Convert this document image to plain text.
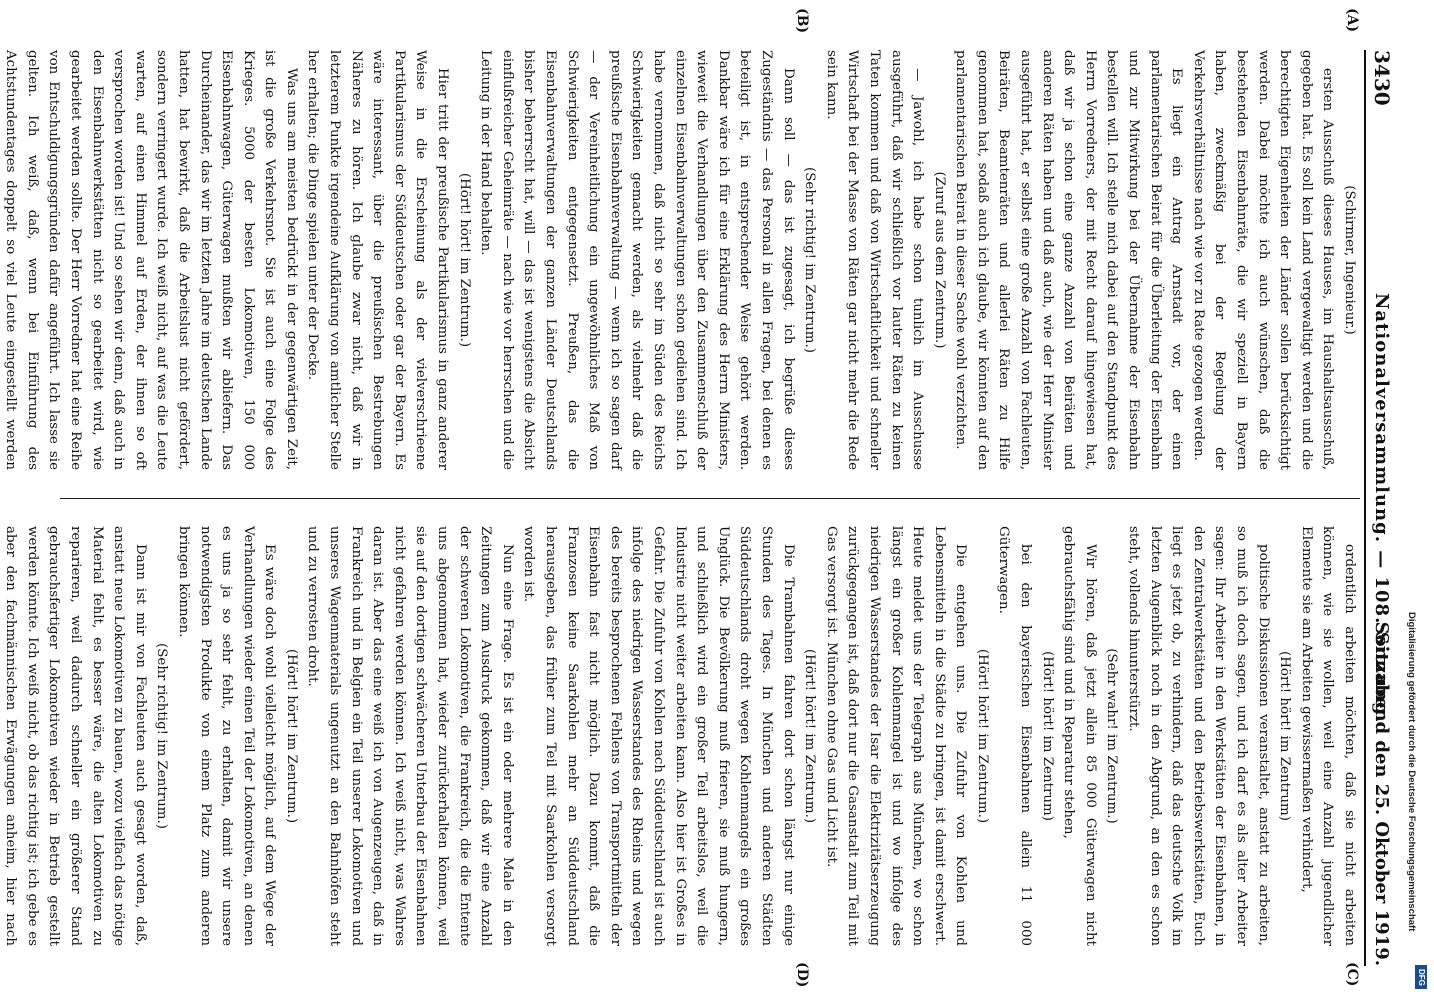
3430
Nationalversammlung. — 108. Sitzung.
Sonnabend den 25. Oktober 1919.
(A)
(B)
(C)
(D)

(Schirmer, Ingenieur.)

ersten Ausschuß dieses Hauses, im Haushaltsausschuß, gegeben hat. Es soll kein Land vergewaltigt werden und die berechtigten Eigenheiten der Länder sollen berücksichtigt werden. Dabei möchte ich auch wünschen, daß die bestehenden Eisenbahnräte, die wir speziell in Bayern haben, zweckmäßig bei der Regelung der Verkehrsverhältnisse nach wie vor zu Rate gezogen werden.

Es liegt ein Antrag Arnstadt vor, der einen parlamentarischen Beirat für die Überleitung der Eisenbahn und zur Mitwirkung bei der Übernahme der Eisenbahn bestellen will. Ich stelle mich dabei auf den Standpunkt des Herrn Vorredners, der mit Recht darauf hingewiesen hat, daß wir ja schon eine ganze Anzahl von Beiräten und anderen Räten haben und daß auch, wie der Herr Minister ausgeführt hat, er selbst eine große Anzahl von Fachleuten, Beiräten, Beamtenräten und allerlei Räten zu Hilfe genommen hat, sodaß auch ich glaube, wir könnten auf den parlamentarischen Beirat in dieser Sache wohl verzichten.

(Zuruf aus dem Zentrum.)

— Jawohl, ich habe schon tunlich im Ausschusse ausgeführt, daß wir schließlich vor lauter Räten zu keinen Taten kommen und daß von Wirtschaftlichkeit und schneller Wirtschaft bei der Masse von Räten gar nicht mehr die Rede sein kann.

(Sehr richtig! im Zentrum.)

Dann soll — das ist zugesagt, ich begrüße dieses Zugeständnis — das Personal in allen Fragen, bei denen es beteiligt ist, in entsprechender Weise gehört werden. Dankbar wäre ich für eine Erklärung des Herrn Ministers, wieweit die Verhandlungen über den Zusammenschluß der einzelnen Eisenbahnverwaltungen schon gediehen sind. Ich habe vernommen, daß nicht so sehr im Süden des Reichs Schwierigkeiten gemacht werden, als vielmehr daß die preußische Eisenbahnverwaltung — wenn ich so sagen darf — der Vereinheitlichung ein ungewöhnliches Maß von Schwierigkeiten entgegensetzt. Preußen, das die Eisenbahnverwaltungen der ganzen Länder Deutschlands bisher beherrscht hat, will — das ist wenigstens die Absicht einflußreicher Geheimräte — nach wie vor herrschen und die Leitung in der Hand behalten.

(Hört! hört! im Zentrum.)

Hier tritt der preußische Partikularismus in ganz anderer Weise in die Erscheinung als der vielverschrieene Partikularismus der Süddeutschen oder gar der Bayern. Es wäre interessant, über die preußischen Bestrebungen Näheres zu hören. Ich glaube zwar nicht, daß wir in letzterem Punkte irgendeine Aufklärung von amtlicher Stelle her erhalten; die Dinge spielen unter der Decke.

Was uns am meisten bedrückt in der gegenwärtigen Zeit, ist die große Verkehrsnot. Sie ist auch eine Folge des Krieges. 5000 der besten Lokomotiven, 150 000 Eisenbahnwagen, Güterwagen mußten wir abliefern. Das Durcheinander, das wir im letzten Jahre im deutschen Lande hatten, hat bewirkt, daß die Arbeitslust nicht gefördert, sondern verringert wurde. Ich weiß nicht, auf was die Leute warten, auf einen Himmel auf Erden, der ihnen so oft versprochen worden ist! Und so sehen wir denn, daß auch in den Eisenbahnwerkstätten nicht so gearbeitet wird, wie gearbeitet werden sollte. Der Herr Vorredner hat eine Reihe von Entschuldigungsgründen dafür angeführt. Ich lasse sie gelten. Ich weiß, daß, wenn bei Einführung des Achtstundentages doppelt so viel Leute eingestellt werden

ordentlich arbeiten möchten, daß sie nicht arbeiten können, wie sie wollen, weil eine Anzahl jugendlicher Elemente sie am Arbeiten gewissermaßen verhindert,

(Hört! hört! im Zentrum)

politische Diskussionen veranstaltet, anstatt zu arbeiten, so muß ich doch sagen, und ich darf es als alter Arbeiter sagen: Ihr Arbeiter in den Werkstätten der Eisenbahnen, in den Zentralwerkstätten und den Betriebswerkstätten, Euch liegt es jetzt ob, zu verhindern, daß das deutsche Volk im letzten Augenblick noch in den Abgrund, an den es schon steht, vollends hinunterstürzt.

(Sehr wahr! im Zentrum.)

Wir hören, daß jetzt allein 85 000 Güterwagen nicht gebrauchsfähig sind und in Reparatur stehen,

(Hört! hört! im Zentrum)

bei den bayerischen Eisenbahnen allein 11 000 Güterwagen.

(Hört! hört! im Zentrum.)

Die entgehen uns. Die Zufuhr von Kohlen und Lebensmitteln in die Städte zu bringen, ist damit erschwert. Heute meldet uns der Telegraph aus München, wo schon längst ein großer Kohlenmangel ist und wo infolge des niedrigen Wasserstandes der Isar die Elektrizitätserzeugung zurückgegangen ist, daß dort nur die Gasanstalt zum Teil mit Gas versorgt ist. München ohne Gas und Licht ist.

(Hört! hört! im Zentrum.)

Die Trambahnen fahren dort schon längst nur einige Stunden des Tages. In München und anderen Städten Süddeutschlands droht wegen Kohlenmangels ein großes Unglück. Die Bevölkerung muß frieren, sie muß hungern, und schließlich wird ein großer Teil arbeitslos, weil die Industrie nicht weiter arbeiten kann. Also hier ist Großes in Gefahr. Die Zufuhr von Kohlen nach Süddeutschland ist auch infolge des niedrigen Wasserstandes des Rheins und wegen des bereits besprochenen Fehlens von Transportmitteln der Eisenbahn fast nicht möglich. Dazu kommt, daß die Franzosen keine Saarkohlen mehr an Süddeutschland herausgeben, das früher zum Teil mit Saarkohlen versorgt worden ist.

Nun eine Frage. Es ist ein oder mehrere Male in den Zeitungen zum Ausdruck gekommen, daß wir eine Anzahl der schweren Lokomotiven, die Frankreich, die die Entente uns abgenommen hat, wieder zurückerhalten können, weil sie auf den dortigen schwächeren Unterbau der Eisenbahnen nicht gefahren werden können. Ich weiß nicht, was Wahres daran ist. Aber das eine weiß ich von Augenzeugen, daß in Frankreich und in Belgien ein Teil unserer Lokomotiven und unseres Wagenmaterials ungenutzt an den Bahnhöfen steht und zu verrosten droht.

(Hört! hört! im Zentrum.)

Es wäre doch wohl vielleicht möglich, auf dem Wege der Verhandlungen wieder einen Teil der Lokomotiven, an denen es uns ja so sehr fehlt, zu erhalten, damit wir unsere notwendigsten Produkte von einem Platz zum anderen bringen können.

(Sehr richtig! im Zentrum.)

Dann ist mir von Fachleuten auch gesagt worden, daß, anstatt neue Lokomotiven zu bauen, wozu vielfach das nötige Material fehlt, es besser wäre, die alten Lokomotiven zu reparieren, weil dadurch schneller ein größerer Stand gebrauchsfertiger Lokomotiven wieder in Betrieb gestellt werden könnte. Ich weiß nicht, ob das richtig ist; ich gebe es aber den fachmännischen Erwägungen anheim, hier nach	Digitalisierung gefördert durch die Deutsche Forschungsgemeinschaft
DFG
